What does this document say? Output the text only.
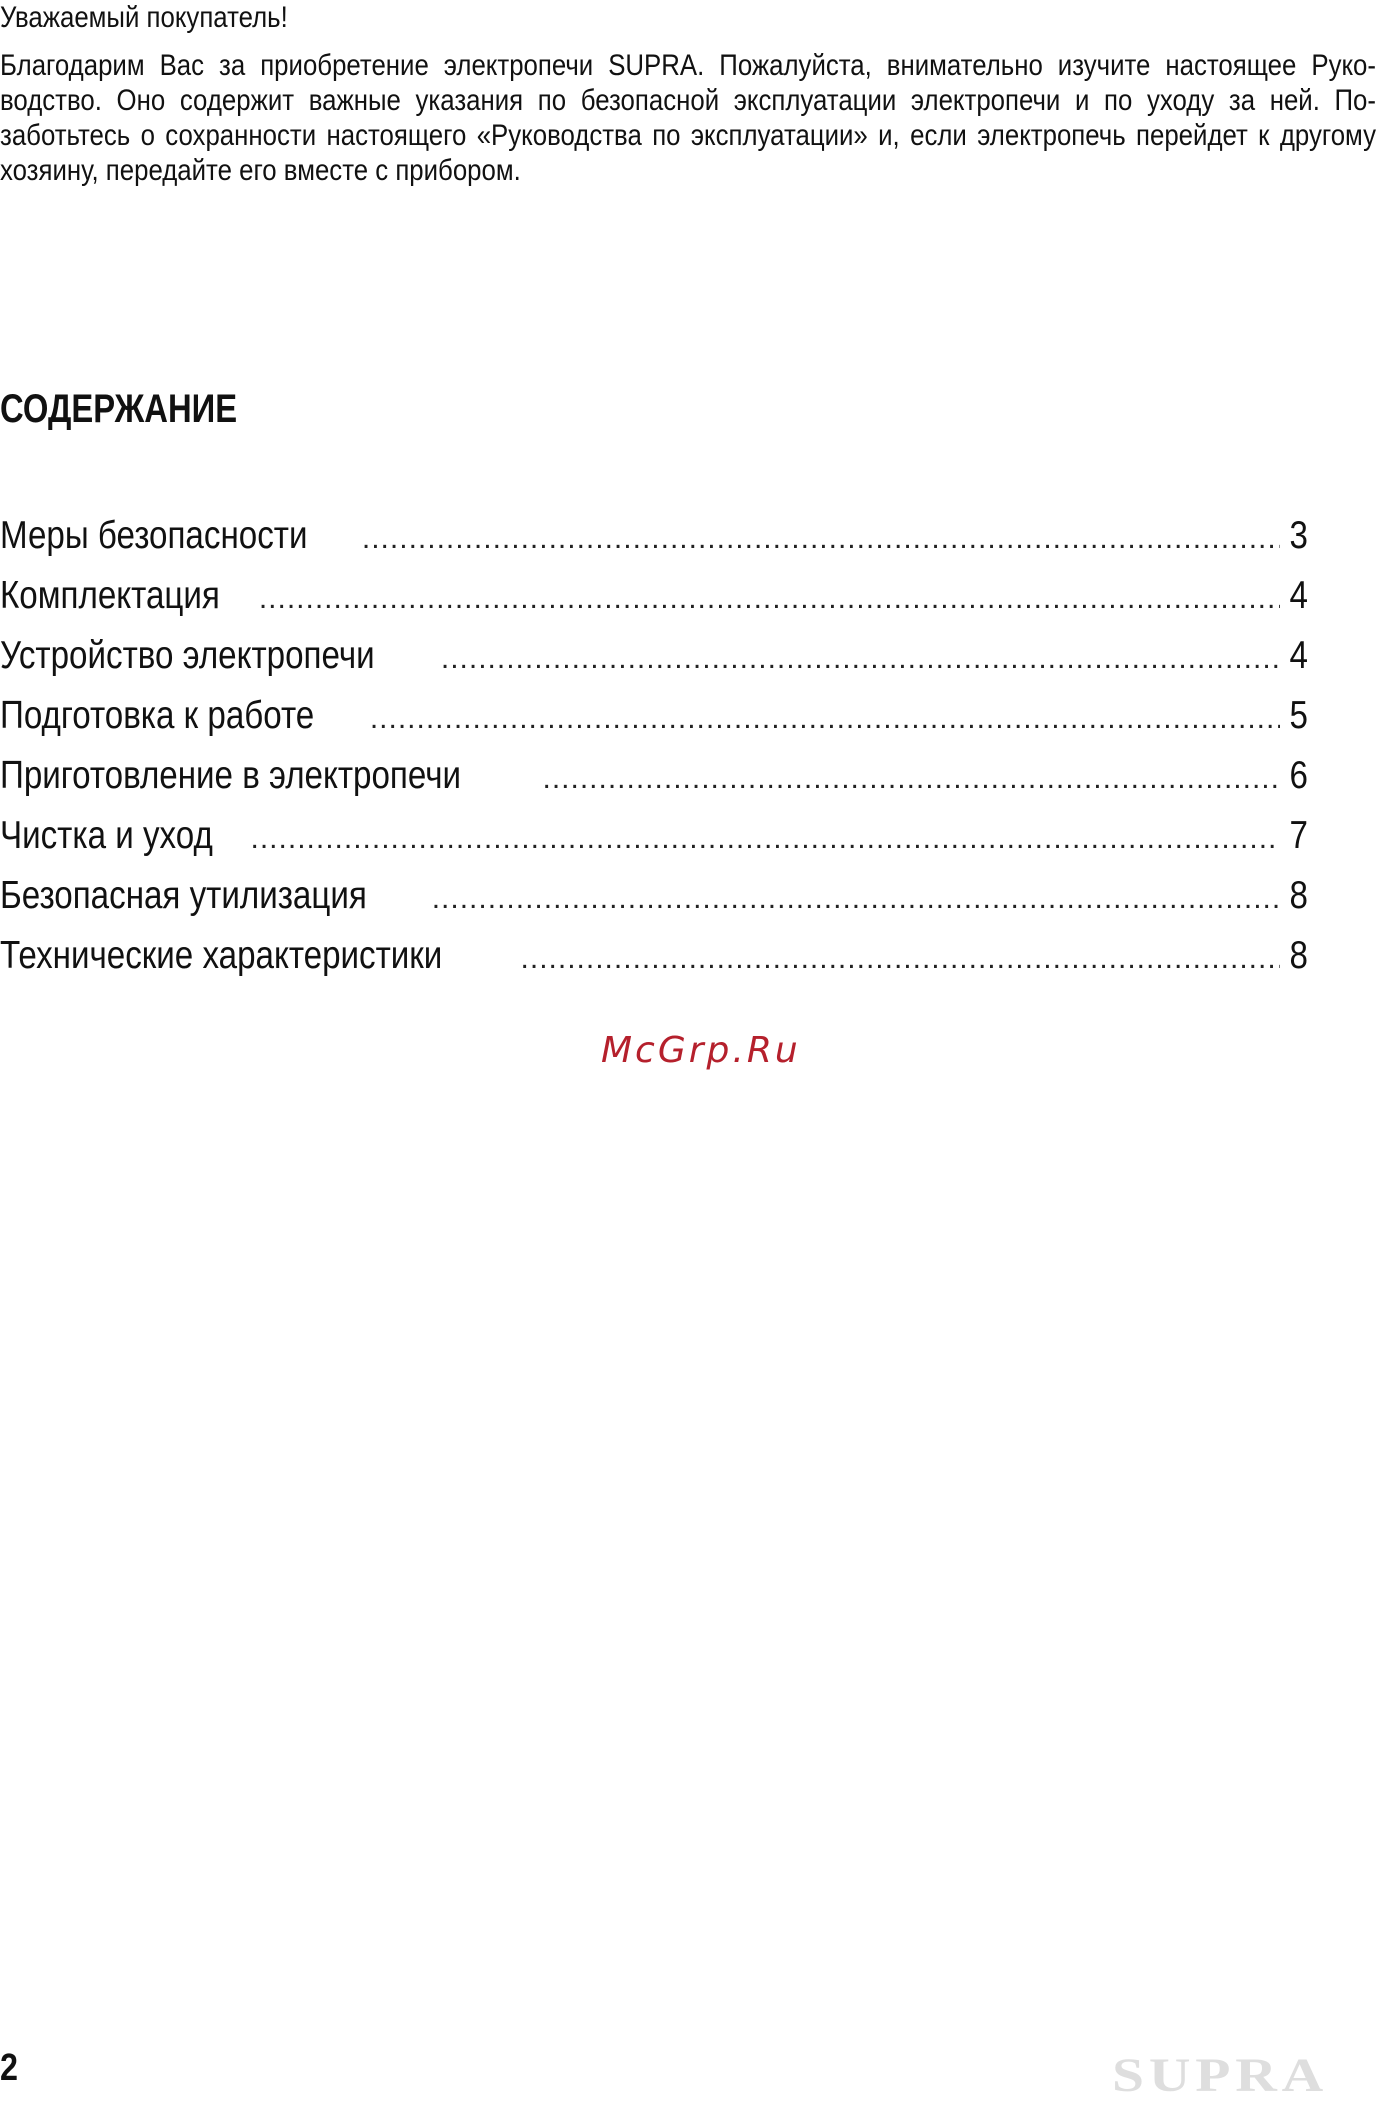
Уважаемый покупатель!

Благодарим Вас за приобретение электропечи SUPRA. Пожалуйста, внимательно изучите настоящее Руко- водство. Оно содержит важные указания по безопасной эксплуатации электропечи и по уходу за ней. По- заботьтесь о сохранности настоящего «Руководства по эксплуатации» и, если электропечь перейдет к другому хозяину, передайте его вместе с прибором.

СОДЕРЖАНИЕ
Меры безопасности .....	3
Комплектация .....	4
Устройство электропечи .....	4
Подготовка к работе .....	5
Приготовление в электропечи .....	6
Чистка и уход .....	7
Безопасная утилизация .....	8
Технические характеристики .....	8

McGrp.Ru

2	SUPRA
